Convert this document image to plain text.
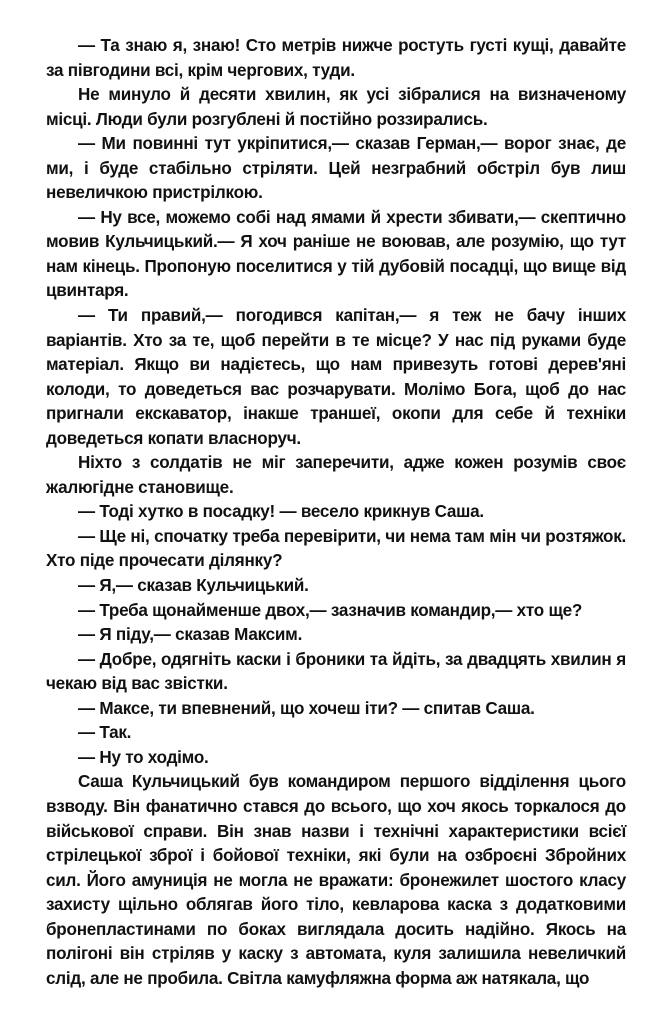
— Та знаю я, знаю! Сто метрів нижче ростуть густі кущі, давайте за півгодини всі, крім чергових, туди.

Не минуло й десяти хвилин, як усі зібралися на визначеному місці. Люди були розгублені й постійно роззирались.

— Ми повинні тут укріпитися,— сказав Герман,— ворог знає, де ми, і буде стабільно стріляти. Цей незграбний обстріл був лиш невеличкою пристрілкою.

— Ну все, можемо собі над ямами й хрести збивати,— скептично мовив Кульчицький.— Я хоч раніше не воював, але розумію, що тут нам кінець. Пропоную поселитися у тій дубовій посадці, що вище від цвинтаря.

— Ти правий,— погодився капітан,— я теж не бачу інших варіантів. Хто за те, щоб перейти в те місце? У нас під руками буде матеріал. Якщо ви надієтесь, що нам привезуть готові дерев'яні колоди, то доведеться вас розчарувати. Молімо Бога, щоб до нас пригнали екскаватор, інакше траншеї, окопи для себе й техніки доведеться копати власноруч.

Ніхто з солдатів не міг заперечити, адже кожен розумів своє жалюгідне становище.

— Тоді хутко в посадку! — весело крикнув Саша.

— Ще ні, спочатку треба перевірити, чи нема там мін чи розтяжок. Хто піде прочесати ділянку?

— Я,— сказав Кульчицький.

— Треба щонайменше двох,— зазначив командир,— хто ще?

— Я піду,— сказав Максим.

— Добре, одягніть каски і броники та йдіть, за двадцять хвилин я чекаю від вас звістки.

— Максе, ти впевнений, що хочеш іти? — спитав Саша.

— Так.

— Ну то ходімо.

Саша Кульчицький був командиром першого відділення цього взводу. Він фанатично стався до всього, що хоч якось торкалося до військової справи. Він знав назви і технічні характеристики всієї стрілецької зброї і бойової техніки, які були на озброєні Збройних сил. Його амуниція не могла не вражати: бронежилет шостого класу захисту щільно облягав його тіло, кевларова каска з додатковими бронепластинами по боках виглядала досить надійно. Якось на полігоні він стріляв у каску з автомата, куля залишила невеличкий слід, але не пробила. Світла камуфляжна форма аж натякала, що
